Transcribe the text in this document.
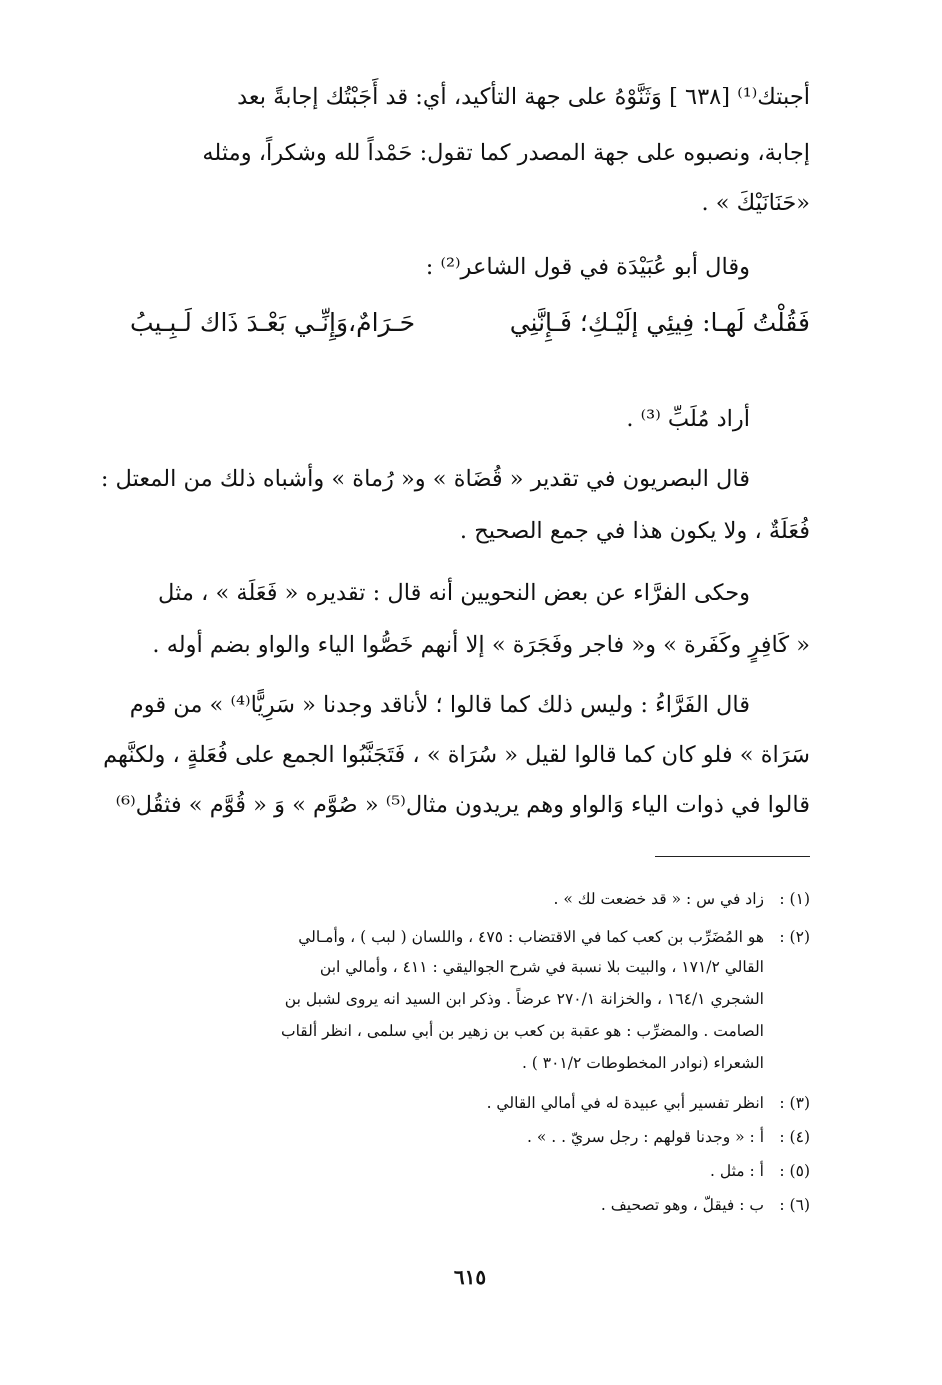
أجبتك⁽¹⁾ [٦٣٨ ] وَثَنَّوْهُ على جهة التأكيد، أي: قد أَجَبْتُك إجابةً بعد
إجابة، ونصبوه على جهة المصدر كما تقول: حَمْداً لله وشكراً، ومثله
«حَنَانَيْكَ » .
وقال أبو عُبَيْدَة في قول الشاعر⁽²⁾ :
فَقُلْتُ لَهـا: فِيئِي إلَيْـكِ؛ فَـإِنَّنِي
حَـرَامٌ،وَإِنِّـي بَعْـدَ ذَاك لَـبِـيبُ
أراد مُلَبِّ ⁽³⁾ .
قال البصريون في تقدير « قُضَاة » و« رُماة » وأشباه ذلك من المعتل :
فُعَلَةٌ ، ولا يكون هذا في جمع الصحيح .
وحكى الفرَّاء عن بعض النحويين أنه قال : تقديره « فَعَلَة » ، مثل
« كَافِرٍ وكَفَرة » و« فاجر وفَجَرَة » إلا أنهم خَصُّوا الياء والواو بضم أوله .
قال الفَرَّاءُ : وليس ذلك كما قالوا ؛ لأناقد وجدنا « سَرِيًّا⁽⁴⁾ » من قوم
سَرَاة » فلو كان كما قالوا لقيل « سُرَاة » ، فَتَجَنَّبُوا الجمع على فُعَلةٍ ، ولكنَّهم
قالوا في ذوات الياء وَالواو وهم يريدون مثال⁽⁵⁾ « صُوَّم » وَ « قُوَّم » فثقُل⁽⁶⁾
(١) :
زاد في س : « قد خضعت لك » .
(٢) :
هو المُضَرِّب بن كعب كما في الاقتضاب : ٤٧٥ ، واللسان ( لبب ) ، وأمـالي
القالي ١٧١/٢ ، والبيت بلا نسبة في شرح الجواليقي : ٤١١ ، وأمالي ابن
الشجري ١٦٤/١ ، والخزانة ٢٧٠/١ عرضاً . وذكر ابن السيد انه يروى لشبل بن
الصامت . والمضرِّب : هو عقبة بن كعب بن زهير بن أبي سلمى ، انظر ألقاب
الشعراء (نوادر المخطوطات ٣٠١/٢ ) .
(٣) :
انظر تفسير أبي عبيدة له في أمالي القالي .
(٤) :
أ : « وجدنا قولهم : رجل سريّ . . » .
(٥) :
أ : مثل .
(٦) :
ب : فيقلّ ، وهو تصحيف .
٦١٥
